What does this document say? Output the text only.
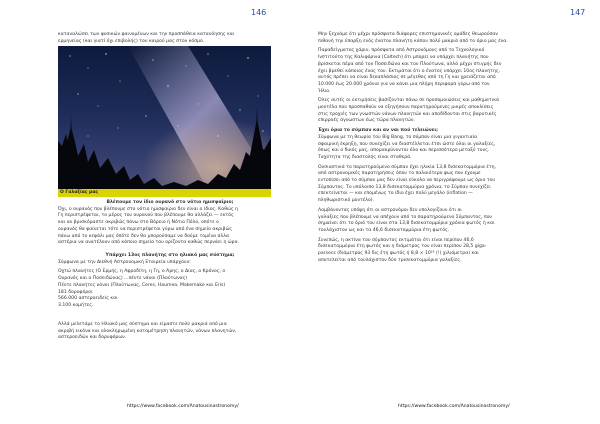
146
καταναλώσει των φυσικών φαινομένων και την προσπάθεια κατανόησης και
ερμηνείας (και γιατί όχι επιβολής) του καιρού μας στον κόσμο.
Ο Γαλαξίας μας
Βλέπουμε τον ίδιο ουρανό στο νότιο ημισφαίριο;
Όχι, ο ουρανός που βλέπουμε στο νότιο ημισφαίριο δεν είναι ο ίδιος. Καθώς η
Γη περιστρέφεται, το μέρος του ουρανού που βλέπουμε θα αλλάζει — εκτός
και αν βρισκόμαστε ακριβώς πάνω στο Βόρειο ή Νότιο Πόλο, οπότε ο
ουρανός θα φαίνεται τότε να περιστρέφεται γύρω από ένα σημείο ακριβώς
πάνω από το κεφάλι μας όπότε δεν θα μπορούσαμε να δούμε τομένα άλλα
αστέρια να ανατέλουν από κάποιο σημείο του ορίζοντα καθώς περνάει η ώρα.
Υπάρχει 13ος πλανήτης στο ηλιακό μας σύστημα;
Σύμφωνα με την Διεθνή Αστρονομική Εταιρεία υπάρχουν:
Οχτώ πλανήτες (Ο Ερμής, η Αφροδίτη, η Γη, ο Άρης, ο Δίας, ο Κρόνος, ο
Ουρανός και ο Ποσειδώνας) ...πέντε νάνοι (Πλούτωνας)
Πέντε πλανήτες νάνοι (Πλούτωνας, Ceres, Haumea, Makemake και Eris)
181 δορυφόροι
566.000 αστεροειδείς και
3.100 κομήτες.
Αλλά μελετάμε το Ηλιακό μας σύστημα και είμαστε πολύ μακριά από μια
ακριβή εικόνα και ολοκληρωμένη καταμέτρηση πλανητών, νάνων πλανητών,
αστεροειδών και δορυφόρων.
https://www.facebook.com/Anatousinastronomy/
147
Μην ξεχνάμε ότι μέχρι πρόσφατα διάφορες επιστημονικές ομάδες θεωρούσαν
πιθανή την ύπαρξη ενός ένατου πλανήτη κάπου πολύ μακριά από το όριο μας ένα.
Παραδείγματος χάριν, πρόσφατα από Αστρονόμους από το Τεχνολογικό
Ινστιτούτο της Καλιφόρνια (Caltech) ότι μπορεί να υπάρχει πλανήτης που
βρίσκεται πέρα από τον Ποσειδώνα και τον Πλούτωνα, αλλά μέχρι στιγμής δεν
έχει βρεθεί κάποιος ένας του. Εκτιμάται ότι ο ένατος υπάρχει 10ος πλανήτης,
αυτός πρέπει να είναι δεκαπλάσιος σε μέγεθος από τη Γη και χρειάζεται από
10.000 έως 20.000 χρόνια για να κάνει μια πλήρη περιφορά γύρω από τον
Ήλιο.
Όλες αυτές οι εκτιμήσεις βασίζονται πάνω σε προσομοιώσεις και μαθηματικά
μοντέλα που προσπαθούν να εξηγήσουν παρατηρούμενες μικρές αποκλίσεις
στις τροχιές των γνωστών νάνων πλανητών και αποδίδονται στις βαρυτικές
επιρροές άγνωστων έως τώρα πλανητών.
Έχει όρια το σύμπαν και αν ναι πού τελειώνει;
Σύμφωνα με τη θεωρία του Big Bang, το σύμπαν είναι μια γιγαντιαία
σφαιρική έκρηξη, που συνεχίζει να διαστέλλεται έτσι ώστε όλοι οι γαλαξίες,
όπως και ο δικός μας, απομακρύνονται όλο και περισσότερο μεταξύ τους.
Ταχύτητα της διαστολής είναι σταθερά.
Ουσιαστικά το παρατηρούμενο σύμπαν έχει ηλικία 13,8 δισεκατομμύρια έτη,
από αστρονομικές παρατηρήσεις όπου το παλαιότερο φως που έχουμε
εντοπίσει από το σύμπαν μας δεν είναι εύκολο να περιγράψουμε ως όριο του
Σύμπαντος. Το υπόλοιπο 13,8 δισεκατομμύρια χρόνια, το Σύμπαν συνεχίζει
επεκτείνεται — και επομένως το ίδιο έχει πολύ μεγάλο (inflation —
πληθωριστικό μοντέλο).
Λαμβάνοντας υπόψη ότι οι αστρονόμοι δεν υπολογίζουν ότι οι
γαλαξίες που βλέπουμε να απέχουν από το παρατηρούμενο Σύμπαντος, που
σημαίνει ότι το όριό του είναι στα 13,8 δισεκατομμύρια χρόνια φωτός ή και
τουλάχιστον ως και τα 46,6 δισεκατομμύρια έτη φωτός.
Συνεπώς, η ακτίνα του σύμπαντος εκτιμάται ότι είναι περίπου 46,6
δισεκατομμύρια έτη φωτός και η διάμετρος του είναι περίπου 28,5 giga-
parsecs (διάμετρος 93 δις έτη φωτός ή 8,8 × 10²³ (!) χιλιόμετρα) και
αποτελείται από τουλάχιστον δύο τρισεκατομμύρια γαλαξίες.
https://www.facebook.com/Anatousinastronomy/
